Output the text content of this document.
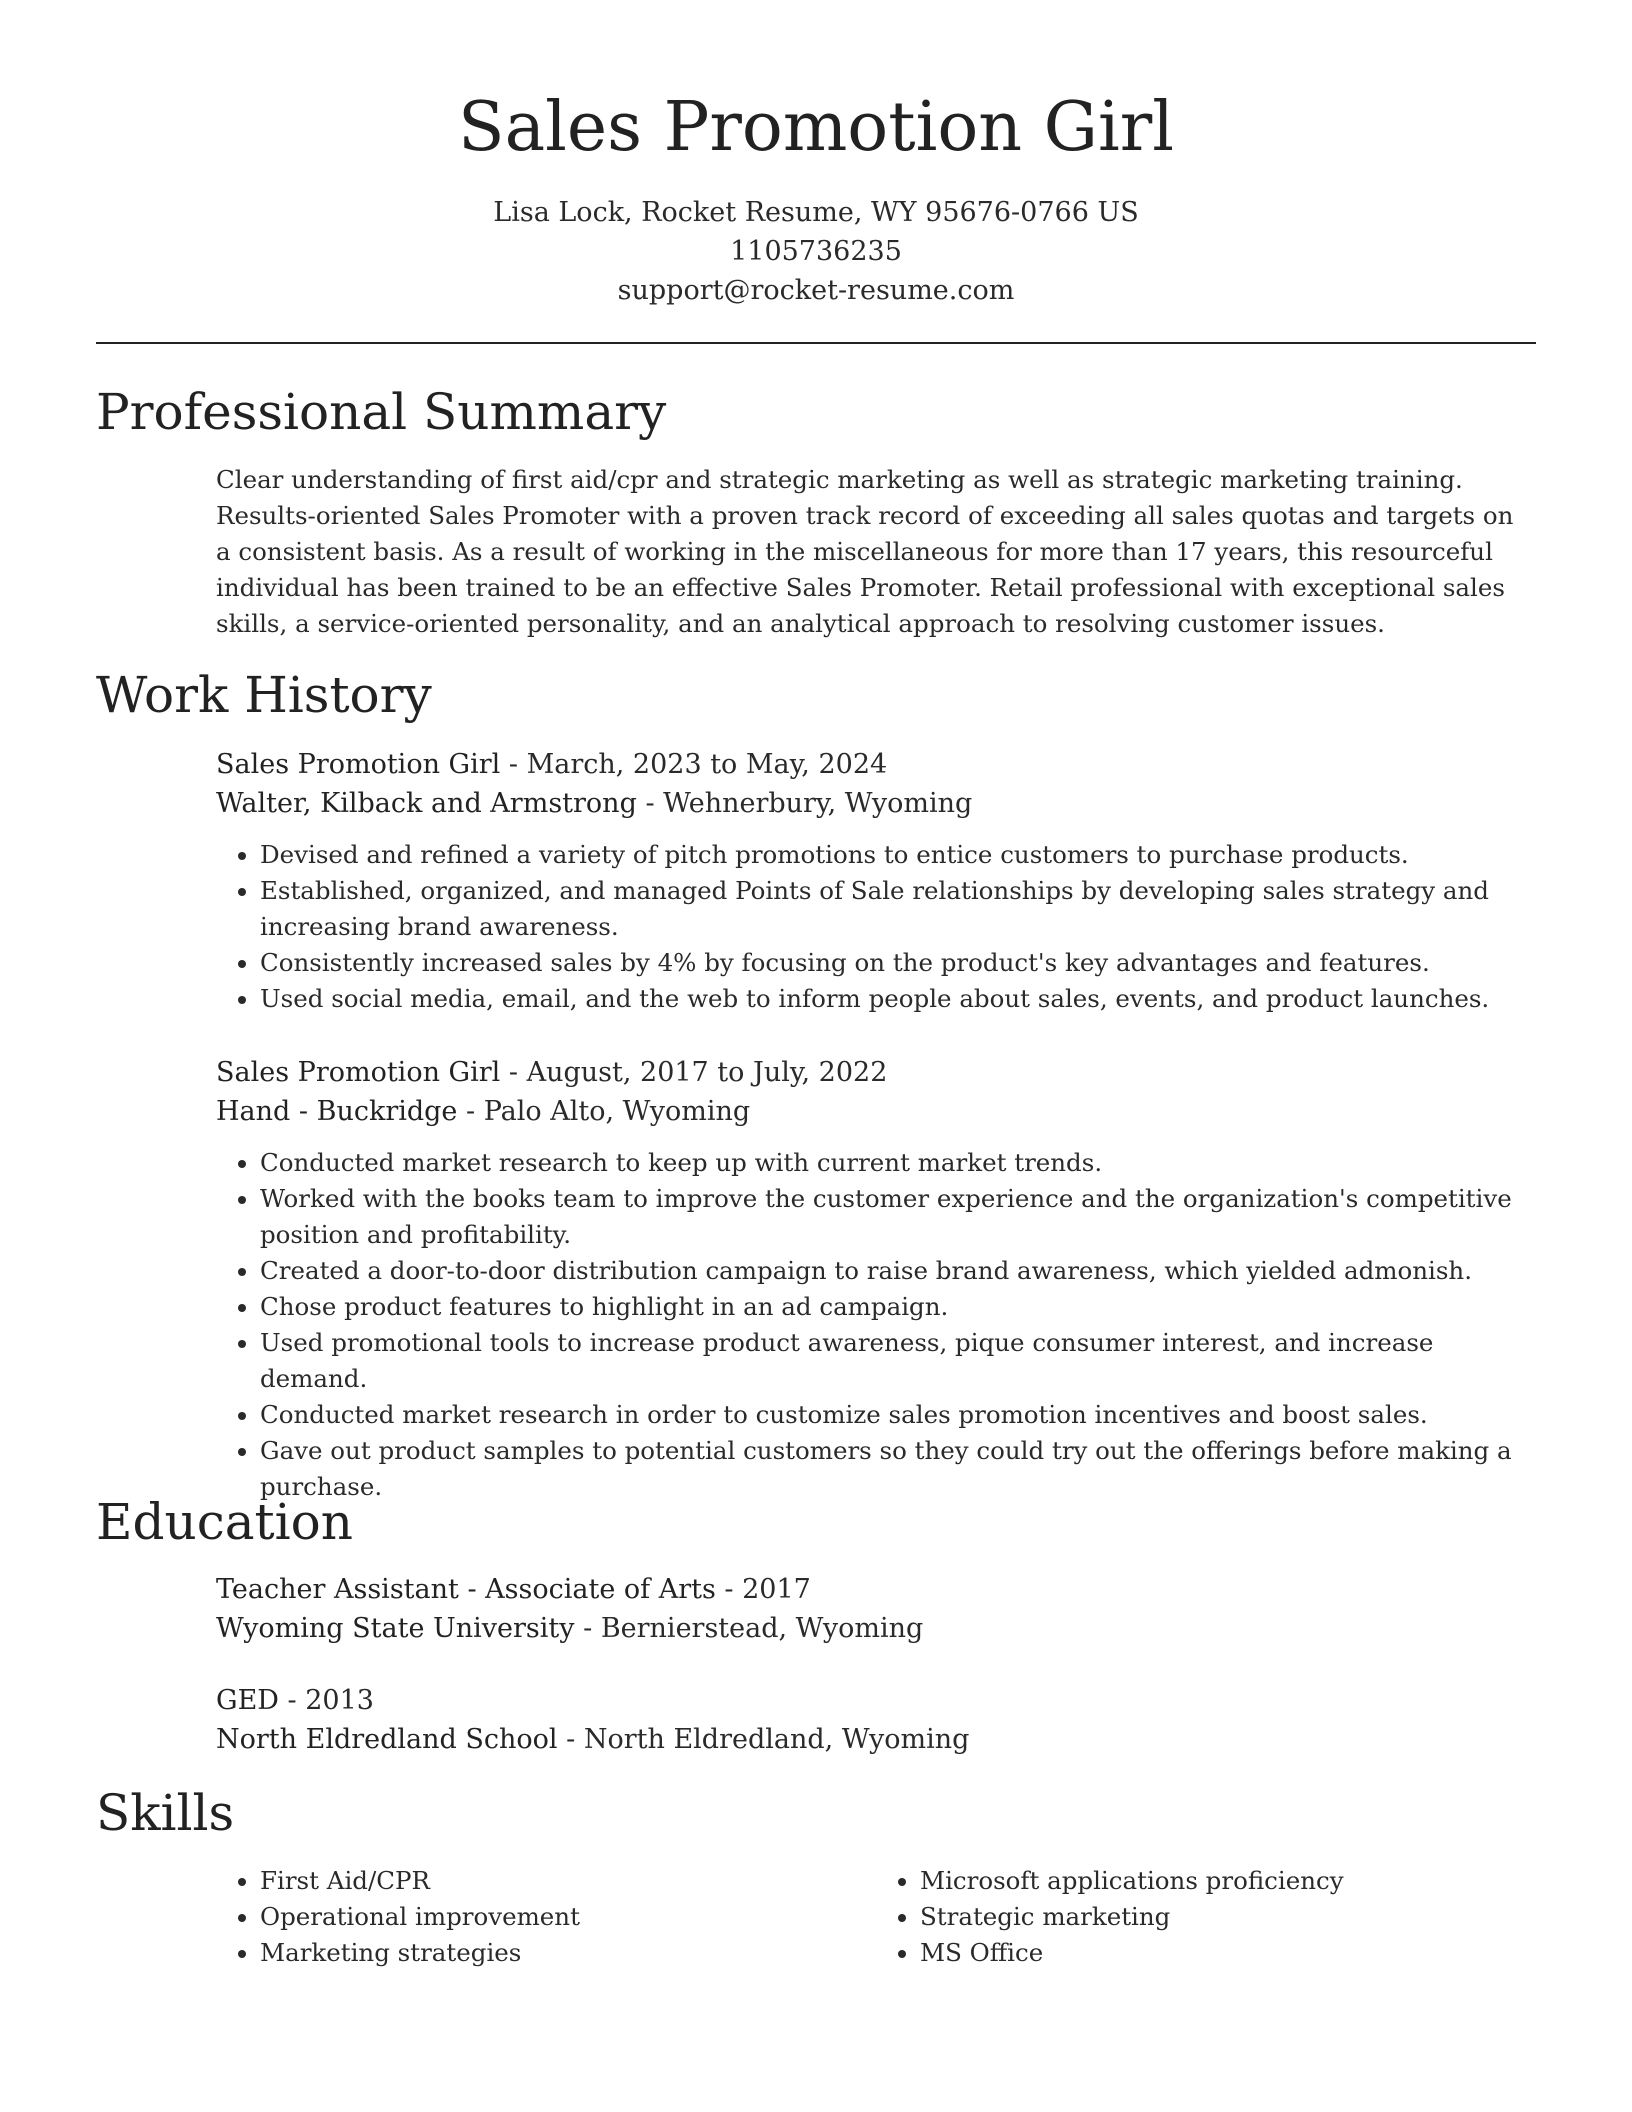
Sales Promotion Girl
Lisa Lock, Rocket Resume, WY 95676-0766 US
1105736235
support@rocket-resume.com
Professional Summary
Clear understanding of first aid/cpr and strategic marketing as well as strategic marketing training. Results-oriented Sales Promoter with a proven track record of exceeding all sales quotas and targets on a consistent basis. As a result of working in the miscellaneous for more than 17 years, this resourceful individual has been trained to be an effective Sales Promoter. Retail professional with exceptional sales skills, a service-oriented personality, and an analytical approach to resolving customer issues.
Work History
Sales Promotion Girl - March, 2023 to May, 2024
Walter, Kilback and Armstrong - Wehnerbury, Wyoming
• Devised and refined a variety of pitch promotions to entice customers to purchase products.
• Established, organized, and managed Points of Sale relationships by developing sales strategy and increasing brand awareness.
• Consistently increased sales by 4% by focusing on the product's key advantages and features.
• Used social media, email, and the web to inform people about sales, events, and product launches.
Sales Promotion Girl - August, 2017 to July, 2022
Hand - Buckridge - Palo Alto, Wyoming
• Conducted market research to keep up with current market trends.
• Worked with the books team to improve the customer experience and the organization's competitive position and profitability.
• Created a door-to-door distribution campaign to raise brand awareness, which yielded admonish.
• Chose product features to highlight in an ad campaign.
• Used promotional tools to increase product awareness, pique consumer interest, and increase demand.
• Conducted market research in order to customize sales promotion incentives and boost sales.
• Gave out product samples to potential customers so they could try out the offerings before making a purchase.
Education
Teacher Assistant - Associate of Arts - 2017
Wyoming State University - Bernierstead, Wyoming
GED - 2013
North Eldredland School - North Eldredland, Wyoming
Skills
• First Aid/CPR
• Operational improvement
• Marketing strategies
• Microsoft applications proficiency
• Strategic marketing
• MS Office
